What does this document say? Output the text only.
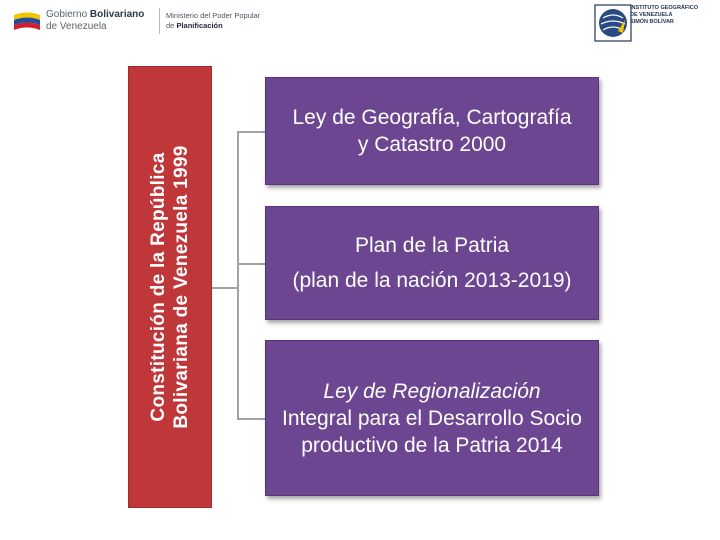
Gobierno Bolivariano
de Venezuela
Ministerio del Poder Popular
de Planificación
INSTITUTO GEOGRÁFICO
DE VENEZUELA
SIMÓN BOLÍVAR
Constitución de la República Bolivariana de Venezuela 1999
Ley de Geografía, Cartografía y Catastro 2000
Plan de la Patria
(plan de la nación 2013-2019)
Ley de Regionalización
Integral para el Desarrollo Socio productivo de la Patria 2014
